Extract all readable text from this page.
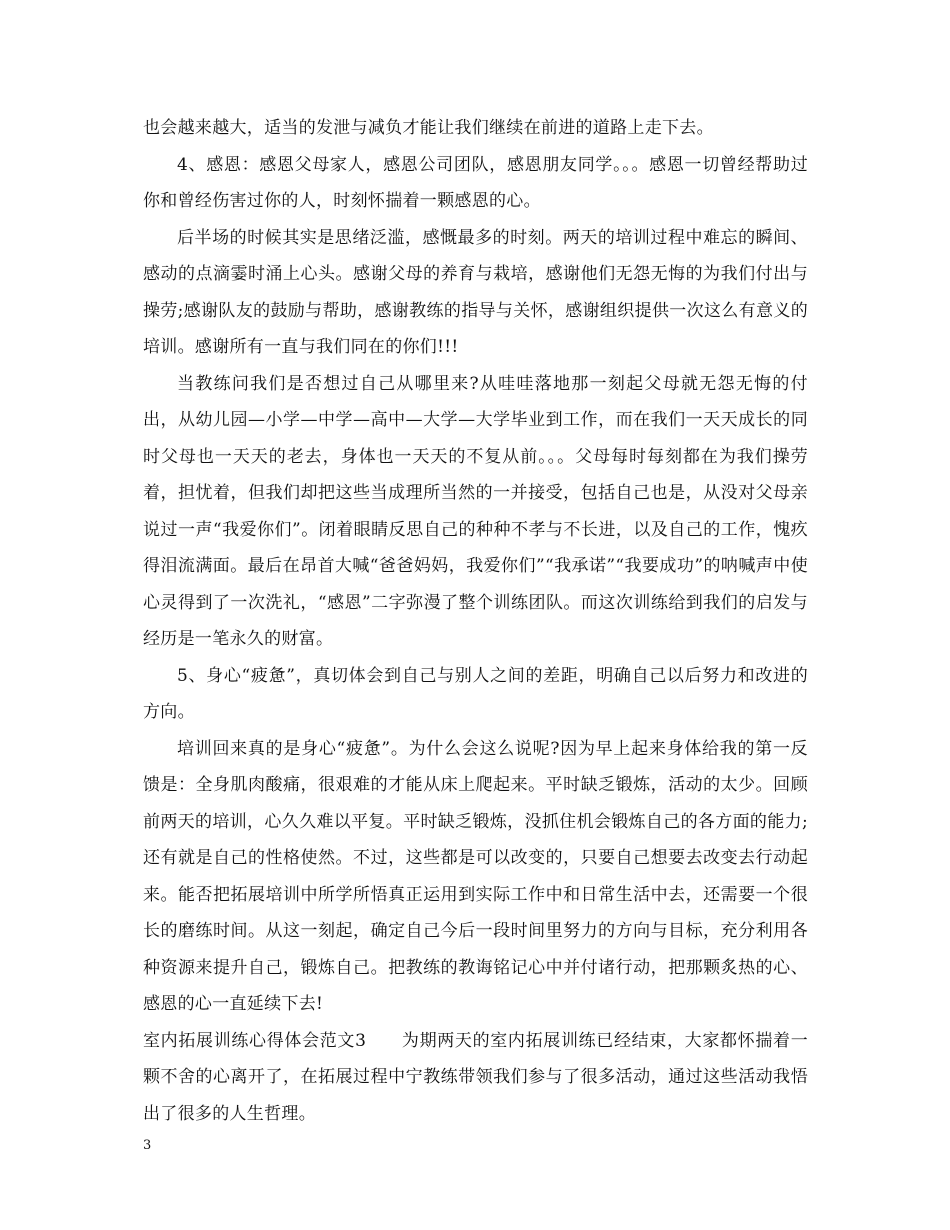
也会越来越大，适当的发泄与减负才能让我们继续在前进的道路上走下去。

4、感恩：感恩父母家人，感恩公司团队，感恩朋友同学。。。感恩一切曾经帮助过你和曾经伤害过你的人，时刻怀揣着一颗感恩的心。

后半场的时候其实是思绪泛滥，感慨最多的时刻。两天的培训过程中难忘的瞬间、感动的点滴霎时涌上心头。感谢父母的养育与栽培，感谢他们无怨无悔的为我们付出与操劳;感谢队友的鼓励与帮助，感谢教练的指导与关怀，感谢组织提供一次这么有意义的培训。感谢所有一直与我们同在的你们!!!

当教练问我们是否想过自己从哪里来?从哇哇落地那一刻起父母就无怨无悔的付出，从幼儿园—小学—中学—高中—大学—大学毕业到工作，而在我们一天天成长的同时父母也一天天的老去，身体也一天天的不复从前。。。父母每时每刻都在为我们操劳着，担忧着，但我们却把这些当成理所当然的一并接受，包括自己也是，从没对父母亲说过一声“我爱你们”。闭着眼睛反思自己的种种不孝与不长进，以及自己的工作，愧疚得泪流满面。最后在昂首大喊“爸爸妈妈，我爱你们”“我承诺”“我要成功”的呐喊声中使心灵得到了一次洗礼，“感恩”二字弥漫了整个训练团队。而这次训练给到我们的启发与经历是一笔永久的财富。

5、身心“疲惫”，真切体会到自己与别人之间的差距，明确自己以后努力和改进的方向。

培训回来真的是身心“疲惫”。为什么会这么说呢?因为早上起来身体给我的第一反馈是：全身肌肉酸痛，很艰难的才能从床上爬起来。平时缺乏锻炼，活动的太少。回顾前两天的培训，心久久难以平复。平时缺乏锻炼，没抓住机会锻炼自己的各方面的能力;还有就是自己的性格使然。不过，这些都是可以改变的，只要自己想要去改变去行动起来。能否把拓展培训中所学所悟真正运用到实际工作中和日常生活中去，还需要一个很长的磨练时间。从这一刻起，确定自己今后一段时间里努力的方向与目标，充分利用各种资源来提升自己，锻炼自己。把教练的教诲铭记心中并付诸行动，把那颗炙热的心、感恩的心一直延续下去!

室内拓展训练心得体会范文3　　为期两天的室内拓展训练已经结束，大家都怀揣着一颗不舍的心离开了，在拓展过程中宁教练带领我们参与了很多活动，通过这些活动我悟出了很多的人生哲理。

3
